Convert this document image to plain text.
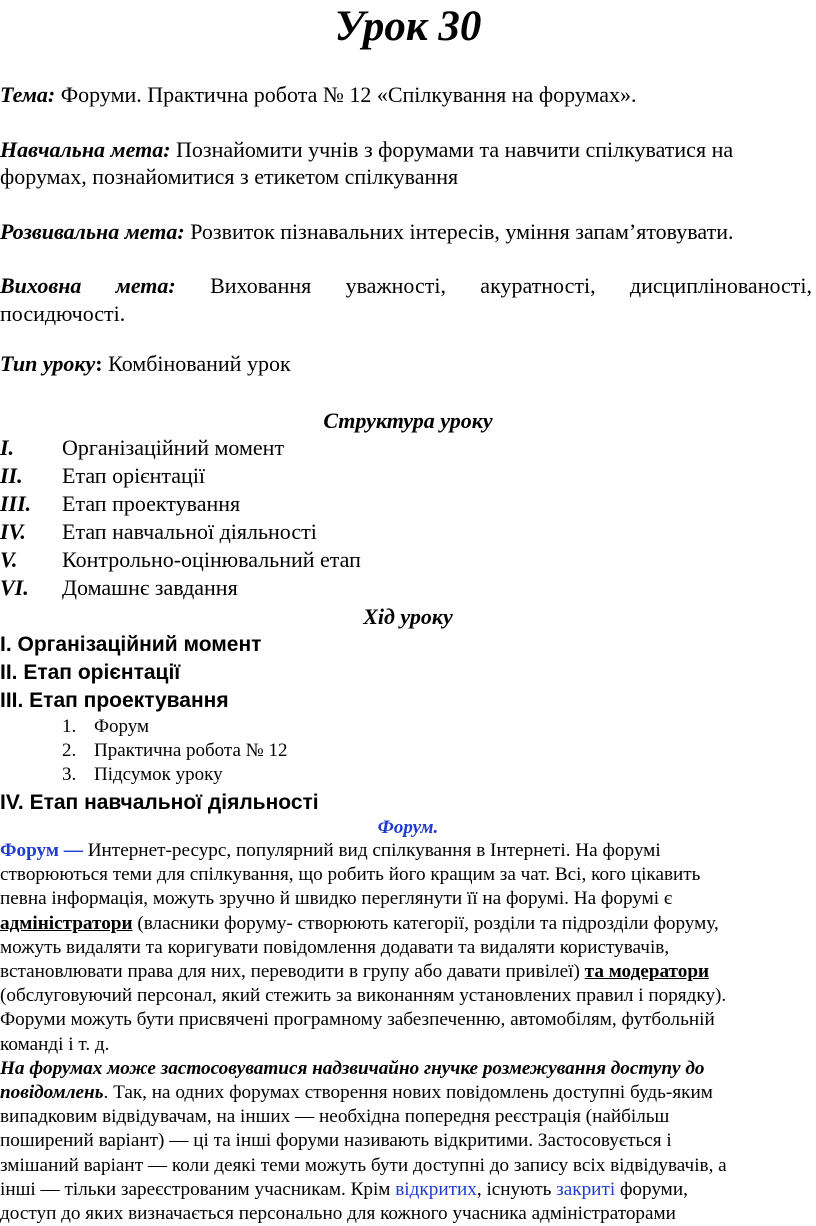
Урок 30
Тема: Форуми. Практична робота № 12 «Спілкування на форумах».
Навчальна мета: Познайомити учнів з форумами та навчити спілкуватися на
форумах, познайомитися з етикетом спілкування
Розвивальна мета: Розвиток пізнавальних інтересів, уміння запам’ятовувати.
Виховна мета: Виховання уважності, акуратності, дисциплінованості,
посидючості.
Тип уроку: Комбінований урок
Структура уроку
I. Організаційний момент
II. Етап орієнтації
III. Етап проектування
IV. Етап навчальної діяльності
V. Контрольно-оцінювальний етап
VI. Домашнє завдання
Хід уроку
І. Організаційний момент
ІІ. Етап орієнтації
ІІІ. Етап проектування
1. Форум
2. Практична робота № 12
3. Підсумок уроку
IV. Етап навчальної діяльності
Форум.

Форум — Интернет-ресурс, популярний вид спілкування в Інтернеті. На форумі

створюються теми для спілкування, що робить його кращим за чат. Всі, кого цікавить

певна інформація, можуть зручно й швидко переглянути її на форумі. На форумі є

адміністратори (власники форуму- створюють категорії, розділи та підрозділи форуму,

можуть видаляти та коригувати повідомлення додавати та видаляти користувачів,

встановлювати права для них, переводити в групу або давати привілеї) та модератори

(обслуговуючий персонал, який стежить за виконанням установлених правил і порядку).

Форуми можуть бути присвячені програмному забезпеченню, автомобілям, футбольній

команді і т. д.

На форумах може застосовуватися надзвичайно гнучке розмежування доступу до

повідомлень. Так, на одних форумах створення нових повідомлень доступні будь-яким

випадковим відвідувачам, на інших — необхідна попередня реєстрація (найбільш

поширений варіант) — ці та інші форуми називають відкритими. Застосовується і

змішаний варіант — коли деякі теми можуть бути доступні до запису всіх відвідувачів, а

інші — тільки зареєстрованим учасникам. Крім відкритих, існують закриті форуми,

доступ до яких визначається персонально для кожного учасника адміністраторами
